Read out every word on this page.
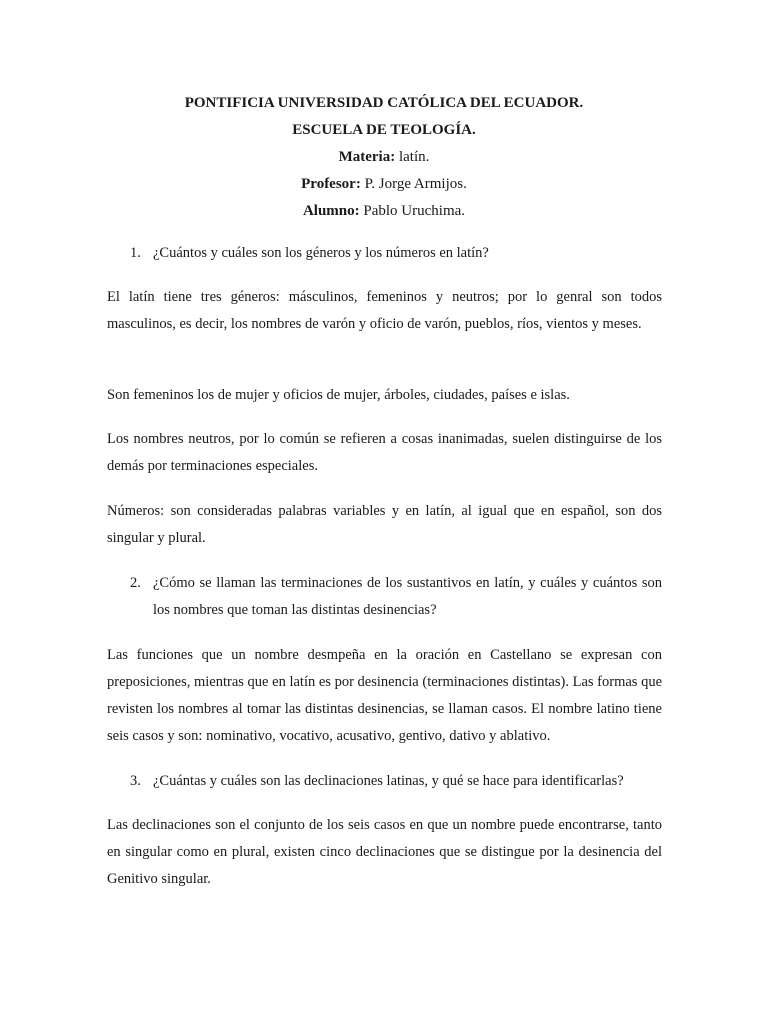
PONTIFICIA UNIVERSIDAD CATÓLICA DEL ECUADOR.
ESCUELA DE TEOLOGÍA.
Materia: latín.
Profesor: P. Jorge Armijos.
Alumno: Pablo Uruchima.
1. ¿Cuántos y cuáles son los géneros y los números en latín?
El latín tiene tres géneros: másculinos, femeninos y neutros; por lo genral son todos masculinos, es decir, los nombres de varón y oficio de varón, pueblos, ríos, vientos y meses.
Son femeninos los de mujer y oficios de mujer, árboles, ciudades, países e islas.
Los nombres neutros, por lo común se refieren a cosas inanimadas, suelen distinguirse de los demás por terminaciones especiales.
Números: son consideradas palabras variables y en latín, al igual que en español, son dos singular y plural.
2. ¿Cómo se llaman las terminaciones de los sustantivos en latín, y cuáles y cuántos son los nombres que toman las distintas desinencias?
Las funciones que un nombre desmpeña en la oración en Castellano se expresan con preposiciones, mientras que en latín es por desinencia (terminaciones distintas). Las formas que revisten los nombres al tomar las distintas desinencias, se llaman casos. El nombre latino tiene seis casos y son: nominativo, vocativo, acusativo, gentivo, dativo y ablativo.
3. ¿Cuántas y cuáles son las declinaciones latinas, y qué se hace para identificarlas?
Las declinaciones son el conjunto de los seis casos en que un nombre puede encontrarse, tanto en singular como en plural, existen cinco declinaciones que se distingue por la desinencia del Genitivo singular.
